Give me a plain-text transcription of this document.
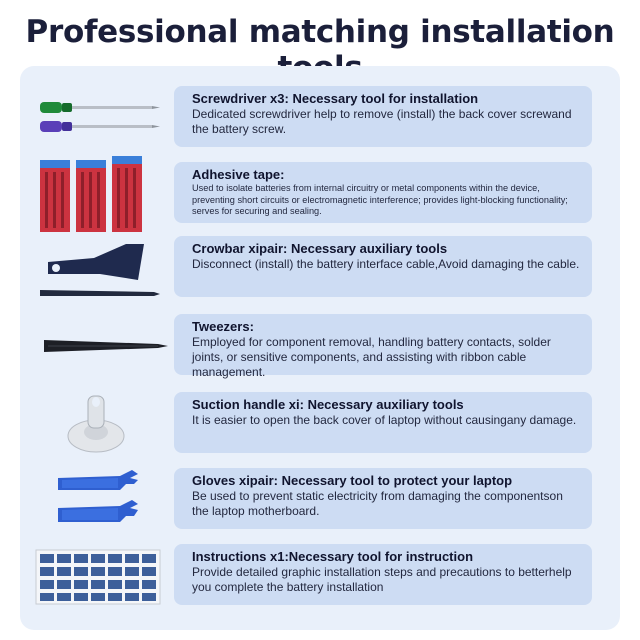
Professional matching installation
Screwdriver x3: Necessary tool for installation
Dedicated screwdriver help to remove (install) the back cover screwand the battery screw.
Adhesive tape:
Used to isolate batteries from internal circuitry or metal components within the device, preventing short circuits or electromagnetic interference; provides light-blocking functionality; serves for securing and sealing.
Crowbar xipair: Necessary auxiliary tools
Disconnect (install) the battery interface cable,Avoid damaging the cable.
Tweezers:
Employed for component removal, handling battery contacts, solder joints, or sensitive components, and assisting with ribbon cable management.
Suction handle xi: Necessary auxiliary tools
It is easier to open the back cover of laptop without causingany damage.
Gloves xipair: Necessary tool to protect your laptop
Be used to prevent static electricity from damaging the componentson the laptop motherboard.
Instructions x1:Necessary tool for instruction
Provide detailed graphic installation steps and precautions to betterhelp you complete the battery installation
